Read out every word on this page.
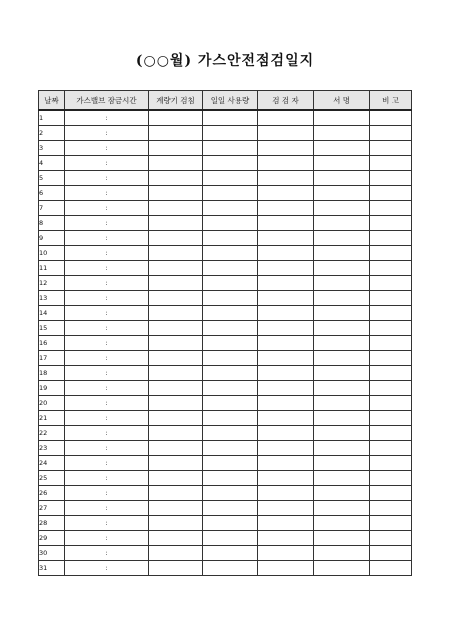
(○○월) 가스안전점검일지
날짜	가스밸브 잠금시간	계량기 검침	일일 사용량	검 검 자	서 명	비 고
1	:					
2	:					
3	:					
4	:					
5	:					
6	:					
7	:					
8	:					
9	:					
10	:					
11	:					
12	:					
13	:					
14	:					
15	:					
16	:					
17	:					
18	:					
19	:					
20	:					
21	:					
22	:					
23	:					
24	:					
25	:					
26	:					
27	:					
28	:					
29	:					
30	:					
31	:					
